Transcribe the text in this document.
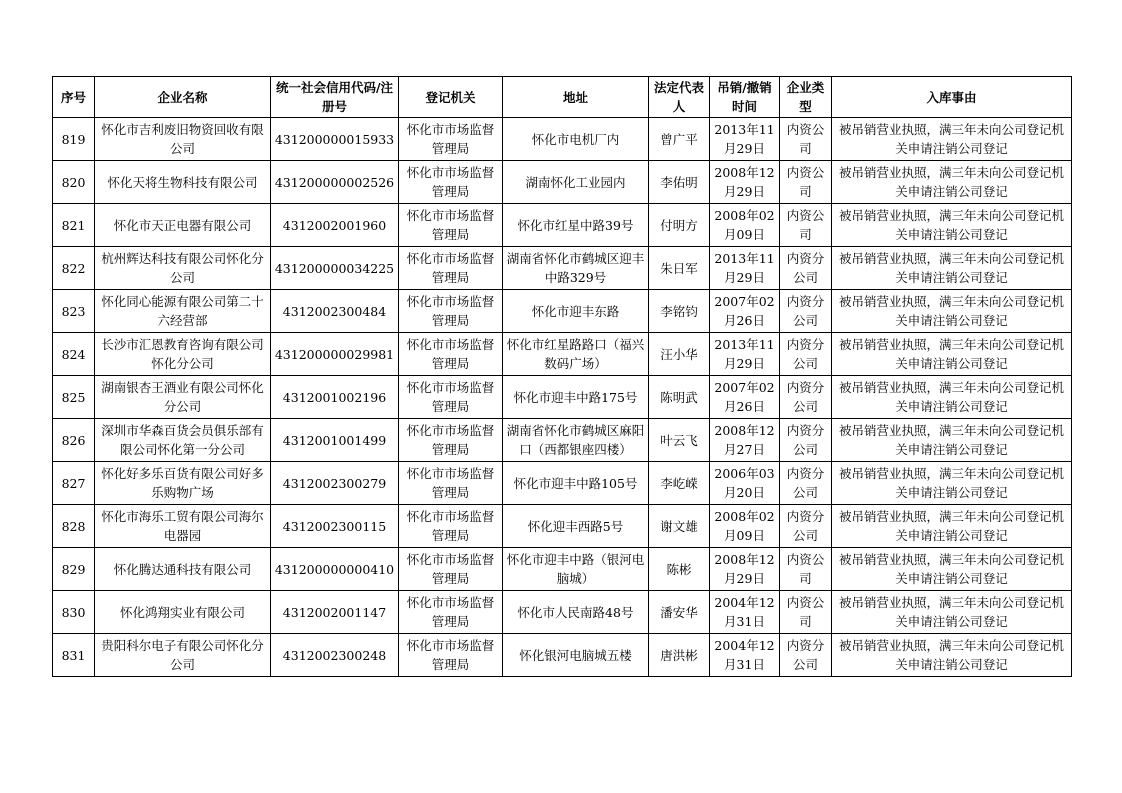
序号	企业名称	统一社会信用代码/注册号	登记机关	地址	法定代表人	吊销/撤销时间	企业类型	入库事由
819	怀化市吉利废旧物资回收有限公司	431200000015933	怀化市市场监督管理局	怀化市电机厂内	曾广平	2013年11月29日	内资公司	被吊销营业执照，满三年未向公司登记机关申请注销公司登记
820	怀化天将生物科技有限公司	431200000002526	怀化市市场监督管理局	湖南怀化工业园内	李佑明	2008年12月29日	内资公司	被吊销营业执照，满三年未向公司登记机关申请注销公司登记
821	怀化市天正电器有限公司	4312002001960	怀化市市场监督管理局	怀化市红星中路39号	付明方	2008年02月09日	内资公司	被吊销营业执照，满三年未向公司登记机关申请注销公司登记
822	杭州辉达科技有限公司怀化分公司	431200000034225	怀化市市场监督管理局	湖南省怀化市鹤城区迎丰中路329号	朱日军	2013年11月29日	内资分公司	被吊销营业执照，满三年未向公司登记机关申请注销公司登记
823	怀化同心能源有限公司第二十六经营部	4312002300484	怀化市市场监督管理局	怀化市迎丰东路	李铭钧	2007年02月26日	内资分公司	被吊销营业执照，满三年未向公司登记机关申请注销公司登记
824	长沙市汇恩教育咨询有限公司怀化分公司	431200000029981	怀化市市场监督管理局	怀化市红星路路口（福兴数码广场）	汪小华	2013年11月29日	内资分公司	被吊销营业执照，满三年未向公司登记机关申请注销公司登记
825	湖南银杏王酒业有限公司怀化分公司	4312001002196	怀化市市场监督管理局	怀化市迎丰中路175号	陈明武	2007年02月26日	内资分公司	被吊销营业执照，满三年未向公司登记机关申请注销公司登记
826	深圳市华森百货会员俱乐部有限公司怀化第一分公司	4312001001499	怀化市市场监督管理局	湖南省怀化市鹤城区麻阳口（西都银座四楼）	叶云飞	2008年12月27日	内资分公司	被吊销营业执照，满三年未向公司登记机关申请注销公司登记
827	怀化好多乐百货有限公司好多乐购物广场	4312002300279	怀化市市场监督管理局	怀化市迎丰中路105号	李屹嵘	2006年03月20日	内资分公司	被吊销营业执照，满三年未向公司登记机关申请注销公司登记
828	怀化市海乐工贸有限公司海尔电器园	4312002300115	怀化市市场监督管理局	怀化迎丰西路5号	谢文雄	2008年02月09日	内资分公司	被吊销营业执照，满三年未向公司登记机关申请注销公司登记
829	怀化腾达通科技有限公司	431200000000410	怀化市市场监督管理局	怀化市迎丰中路（银河电脑城）	陈彬	2008年12月29日	内资公司	被吊销营业执照，满三年未向公司登记机关申请注销公司登记
830	怀化鸿翔实业有限公司	4312002001147	怀化市市场监督管理局	怀化市人民南路48号	潘安华	2004年12月31日	内资公司	被吊销营业执照，满三年未向公司登记机关申请注销公司登记
831	贵阳科尔电子有限公司怀化分公司	4312002300248	怀化市市场监督管理局	怀化银河电脑城五楼	唐洪彬	2004年12月31日	内资分公司	被吊销营业执照，满三年未向公司登记机关申请注销公司登记
